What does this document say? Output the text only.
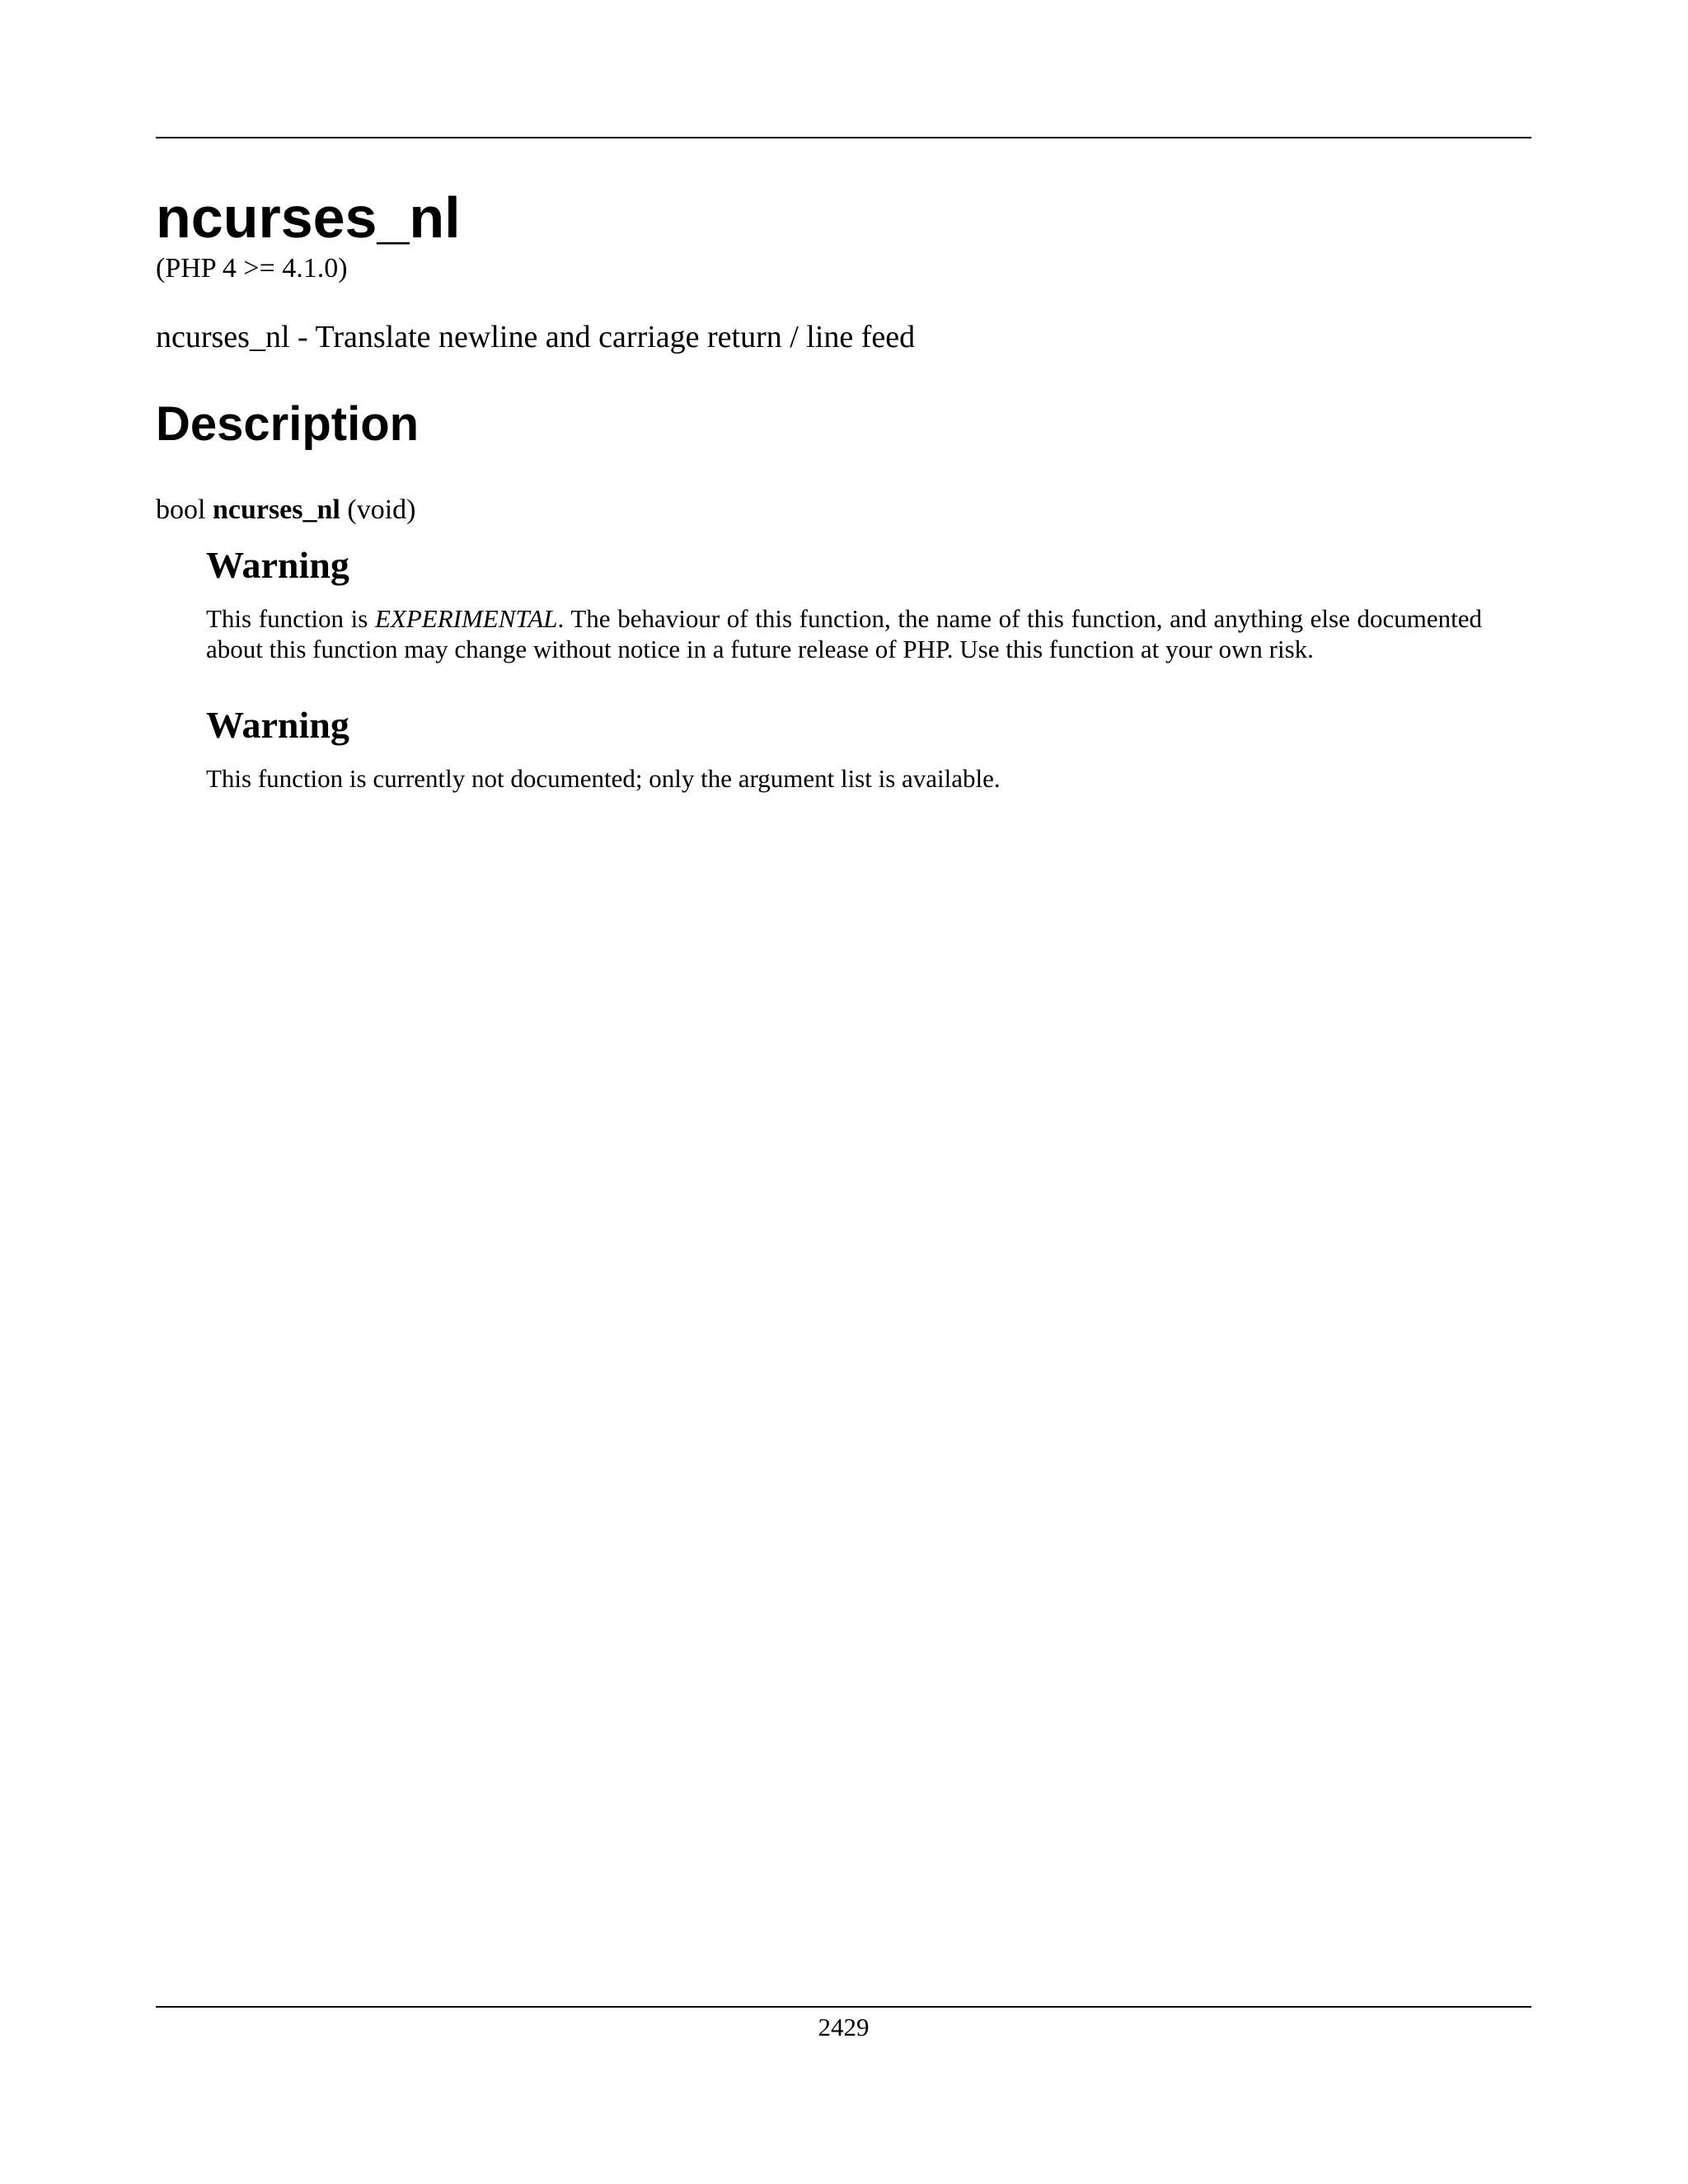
ncurses_nl

(PHP 4 >= 4.1.0)

ncurses_nl - Translate newline and carriage return / line feed

Description

bool ncurses_nl (void)

Warning

This function is EXPERIMENTAL. The behaviour of this function, the name of this function, and anything else documented about this function may change without notice in a future release of PHP. Use this function at your own risk.

Warning

This function is currently not documented; only the argument list is available.

2429
